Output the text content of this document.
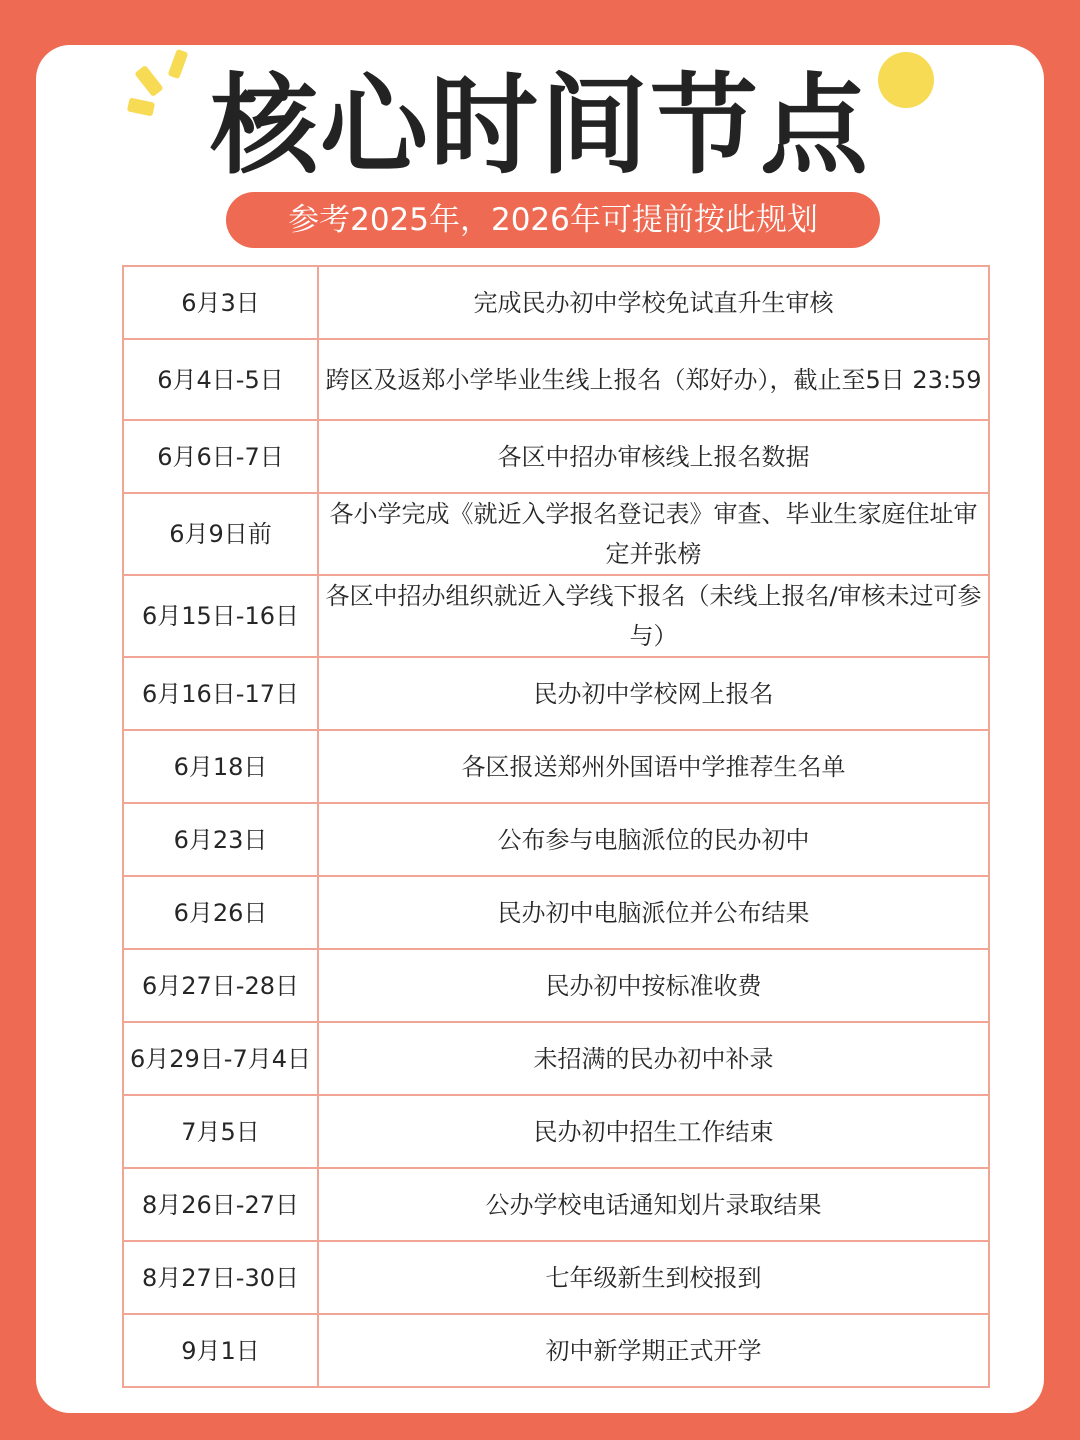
核心时间节点
参考2025年，2026年可提前按此规划
6月3日	完成民办初中学校免试直升生审核
6月4日-5日	跨区及返郑小学毕业生线上报名（郑好办），截止至5日 23:59
6月6日-7日	各区中招办审核线上报名数据
6月9日前	各小学完成《就近入学报名登记表》审查、毕业生家庭住址审定并张榜
6月15日-16日	各区中招办组织就近入学线下报名（未线上报名/审核未过可参与）
6月16日-17日	民办初中学校网上报名
6月18日	各区报送郑州外国语中学推荐生名单
6月23日	公布参与电脑派位的民办初中
6月26日	民办初中电脑派位并公布结果
6月27日-28日	民办初中按标准收费
6月29日-7月4日	未招满的民办初中补录
7月5日	民办初中招生工作结束
8月26日-27日	公办学校电话通知划片录取结果
8月27日-30日	七年级新生到校报到
9月1日	初中新学期正式开学
